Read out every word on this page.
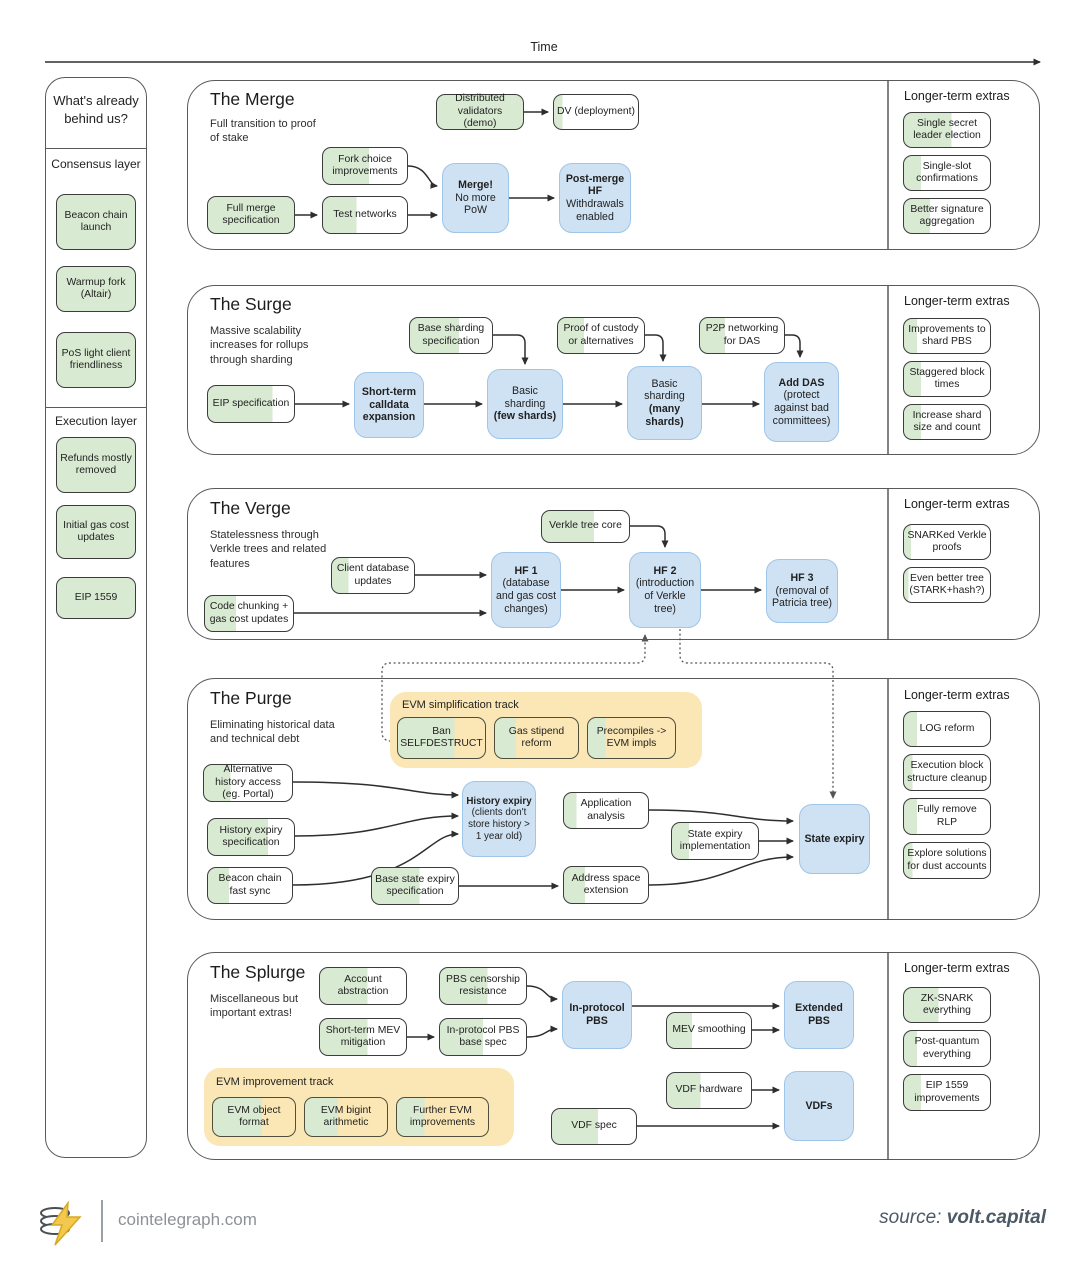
Time
What's already behind us?
Consensus layer
Beacon chain launch
Warmup fork (Altair)
PoS light client friendliness
Execution layer
Refunds mostly removed
Initial gas cost updates
EIP 1559
The Merge
Full transition to proof of stake
Longer-term extras
Distributed validators (demo)
DV (deployment)
Fork choice improvements
Full merge specification
Test networks
Merge!
No more PoW
Post-merge HF
Withdrawals enabled
Single secret leader election
Single-slot confirmations
Better signature aggregation
The Surge
Massive scalability increases for rollups through sharding
Longer-term extras
EIP specification
Short-term calldata expansion
Base sharding specification
Basic sharding
(few shards)
Proof of custody or alternatives
Basic sharding
(many shards)
P2P networking for DAS
Add DAS
(protect against bad committees)
Improvements to shard PBS
Staggered block times
Increase shard size and count
The Verge
Statelessness through Verkle trees and related features
Longer-term extras
Verkle tree core
Client database updates
Code chunking + gas cost updates
HF 1
(database and gas cost changes)
HF 2
(introduction of Verkle tree)
HF 3
(removal of Patricia tree)
SNARKed Verkle proofs
Even better tree (STARK+hash?)
The Purge
Eliminating historical data and technical debt
Longer-term extras
EVM simplification track
Ban SELFDESTRUCT
Gas stipend reform
Precompiles -> EVM impls
Alternative history access (eg. Portal)
History expiry specification
Beacon chain fast sync
History expiry
(clients don't store history > 1 year old)
Application analysis
State expiry implementation
Base state expiry specification
Address space extension
State expiry
LOG reform
Execution block structure cleanup
Fully remove RLP
Explore solutions for dust accounts
The Splurge
Miscellaneous but important extras!
Longer-term extras
Account abstraction
PBS censorship resistance
Short-term MEV mitigation
In-protocol PBS base spec
In-protocol PBS
MEV smoothing
Extended PBS
EVM improvement track
EVM object format
EVM bigint arithmetic
Further EVM improvements
VDF hardware
VDF spec
VDFs
ZK-SNARK everything
Post-quantum everything
EIP 1559 improvements
cointelegraph.com	source: volt.capital
